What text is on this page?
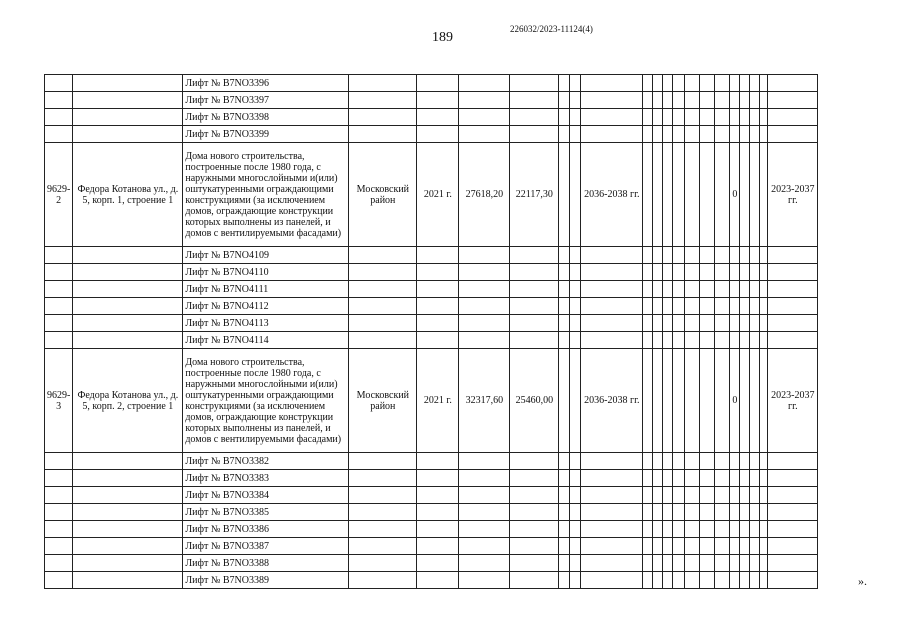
189
226032/2023-11124(4)
		Лифт № B7NO3396																			
		Лифт № B7NO3397																			
		Лифт № B7NO3398																			
		Лифт № B7NO3399																			
9629-2	Федора Котанова ул., д. 5, корп. 1, строение 1	Дома нового строительства, построенные после 1980 года, с наружными многослойными и(или) оштукатуренными ограждающими конструкциями (за исключением домов, ограждающие конструкции которых выполнены из панелей, и домов с вентилируемыми фасадами)	Московский район	2021 г.	27618,20	22117,30			2036-2038 гг.								0				2023-2037 гг.
		Лифт № B7NO4109																			
		Лифт № B7NO4110																			
		Лифт № B7NO4111																			
		Лифт № B7NO4112																			
		Лифт № B7NO4113																			
		Лифт № B7NO4114																			
9629-3	Федора Котанова ул., д. 5, корп. 2, строение 1	Дома нового строительства, построенные после 1980 года, с наружными многослойными и(или) оштукатуренными ограждающими конструкциями (за исключением домов, ограждающие конструкции которых выполнены из панелей, и домов с вентилируемыми фасадами)	Московский район	2021 г.	32317,60	25460,00			2036-2038 гг.								0				2023-2037 гг.
		Лифт № B7NO3382																			
		Лифт № B7NO3383																			
		Лифт № B7NO3384																			
		Лифт № B7NO3385																			
		Лифт № B7NO3386																			
		Лифт № B7NO3387																			
		Лифт № B7NO3388																			
		Лифт № B7NO3389																				».
